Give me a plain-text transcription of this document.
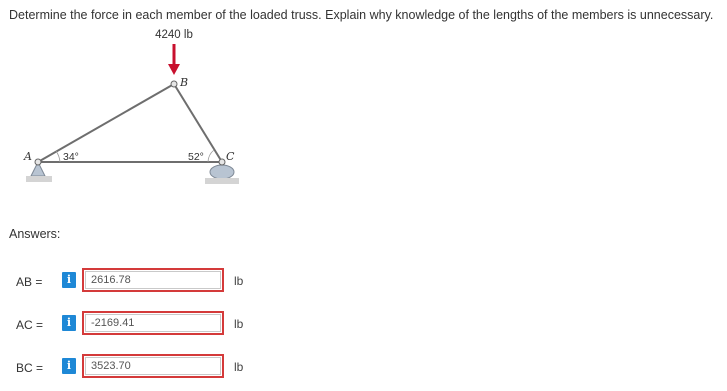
Determine the force in each member of the loaded truss. Explain why knowledge of the lengths of the members is unnecessary.
4240 lb
B
A	C
34°	52°
Answers:
AB =	i	2616.78	lb
AC =	i	-2169.41	lb
BC =	i	3523.70	lb
